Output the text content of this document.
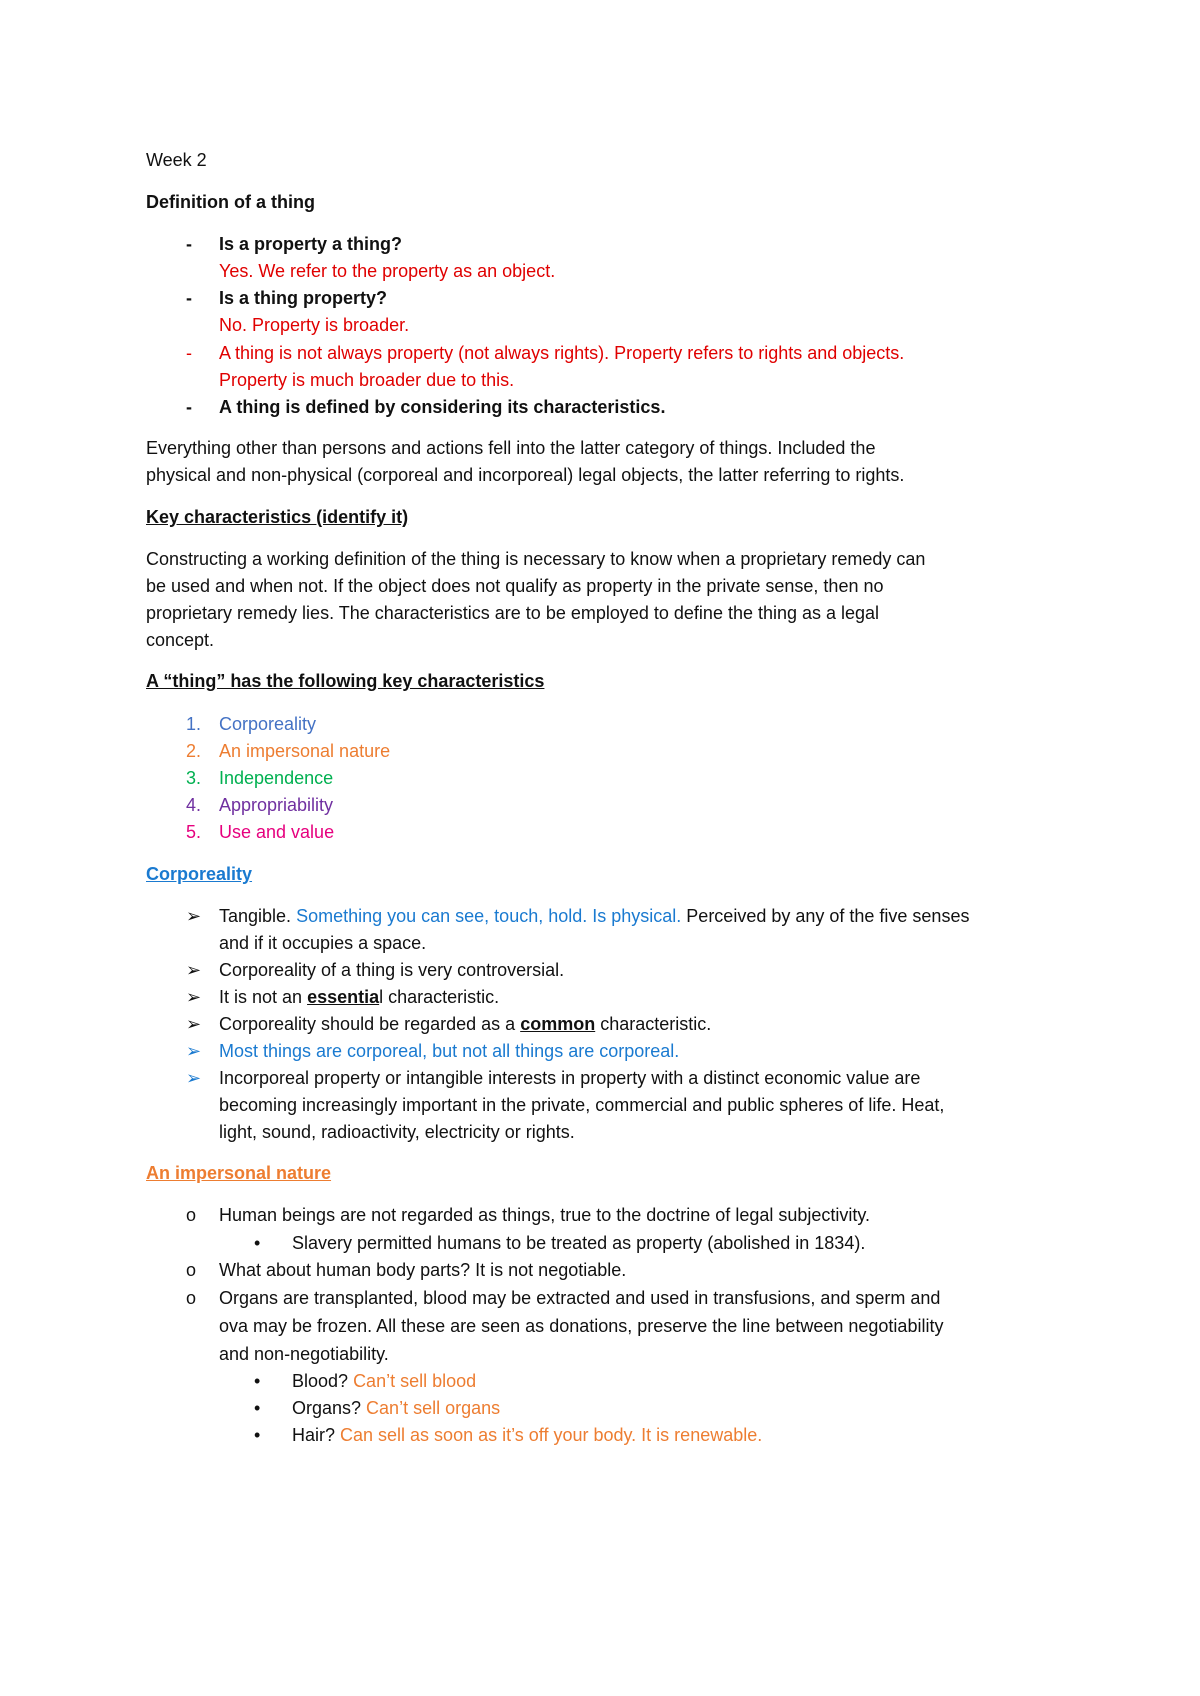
Week 2
Definition of a thing
-	Is a property a thing?
Yes. We refer to the property as an object.
-	Is a thing property?
No. Property is broader.
-	A thing is not always property (not always rights). Property refers to rights and objects.
Property is much broader due to this.
-	A thing is defined by considering its characteristics.
Everything other than persons and actions fell into the latter category of things. Included the
physical and non-physical (corporeal and incorporeal) legal objects, the latter referring to rights.
Key characteristics (identify it)
Constructing a working definition of the thing is necessary to know when a proprietary remedy can
be used and when not. If the object does not qualify as property in the private sense, then no
proprietary remedy lies. The characteristics are to be employed to define the thing as a legal
concept.
A “thing” has the following key characteristics
1. Corporeality
2. An impersonal nature
3. Independence
4. Appropriability
5. Use and value
Corporeality
➢ Tangible. Something you can see, touch, hold. Is physical. Perceived by any of the five senses
and if it occupies a space.
➢ Corporeality of a thing is very controversial.
➢ It is not an essential characteristic.
➢ Corporeality should be regarded as a common characteristic.
➢ Most things are corporeal, but not all things are corporeal.
➢ Incorporeal property or intangible interests in property with a distinct economic value are
becoming increasingly important in the private, commercial and public spheres of life. Heat,
light, sound, radioactivity, electricity or rights.
An impersonal nature
o	Human beings are not regarded as things, true to the doctrine of legal subjectivity.
•	Slavery permitted humans to be treated as property (abolished in 1834).
o	What about human body parts? It is not negotiable.
o	Organs are transplanted, blood may be extracted and used in transfusions, and sperm and
ova may be frozen. All these are seen as donations, preserve the line between negotiability
and non-negotiability.
•	Blood? Can’t sell blood
•	Organs? Can’t sell organs
•	Hair? Can sell as soon as it’s off your body. It is renewable.
